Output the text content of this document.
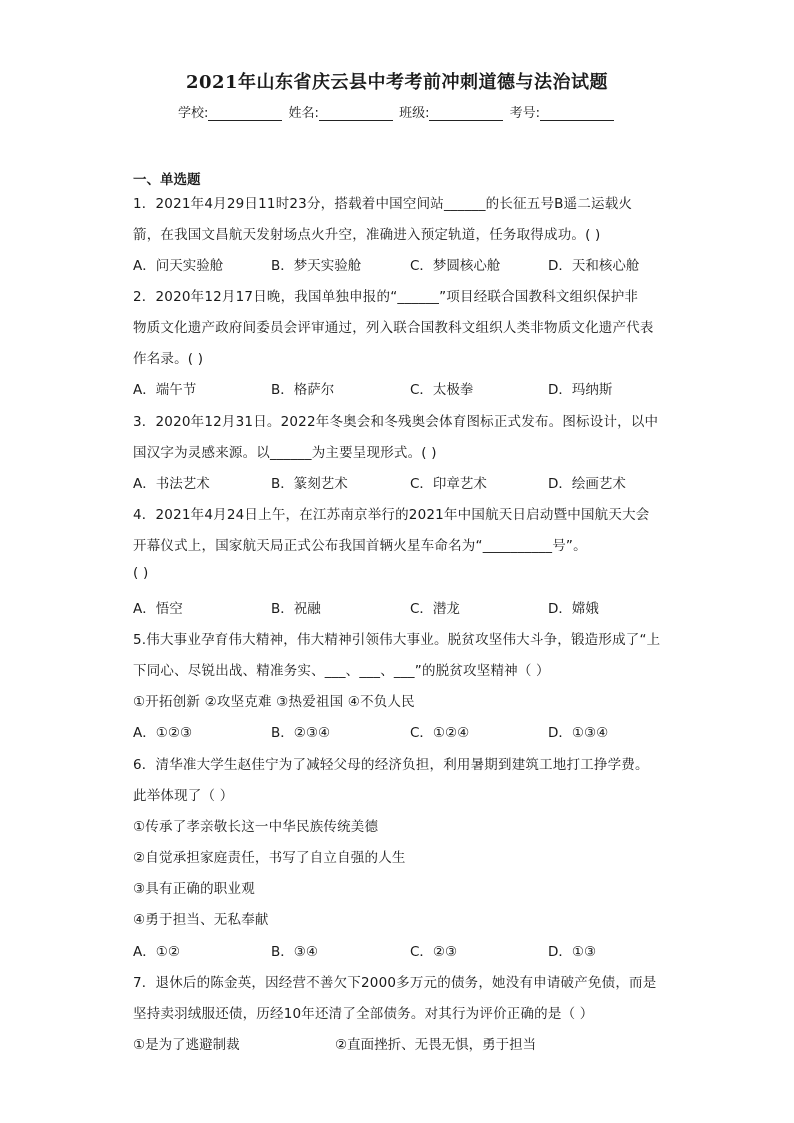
2021年山东省庆云县中考考前冲刺道德与法治试题
学校:	姓名:	班级:	考号:
一、单选题
1．2021年4月29日11时23分，搭载着中国空间站______的长征五号B遥二运载火
箭，在我国文昌航天发射场点火升空，准确进入预定轨道，任务取得成功。( )
A．问天实验舱	B．梦天实验舱	C．梦圆核心舱	D．天和核心舱
2．2020年12月17日晚，我国单独申报的“______”项目经联合国教科文组织保护非
物质文化遗产政府间委员会评审通过，列入联合国教科文组织人类非物质文化遗产代表
作名录。( )
A．端午节	B．格萨尔	C．太极拳	D．玛纳斯
3．2020年12月31日。2022年冬奥会和冬残奥会体育图标正式发布。图标设计，以中
国汉字为灵感来源。以______为主要呈现形式。( )
A．书法艺术	B．篆刻艺术	C．印章艺术	D．绘画艺术
4．2021年4月24日上午，在江苏南京举行的2021年中国航天日启动暨中国航天大会
开幕仪式上，国家航天局正式公布我国首辆火星车命名为“__________号”。
( )
A．悟空	B．祝融	C．潜龙	D．嫦娥
5.伟大事业孕育伟大精神，伟大精神引领伟大事业。脱贫攻坚伟大斗争，锻造形成了“上
下同心、尽锐出战、精准务实、___、___、___”的脱贫攻坚精神（ ）
①开拓创新 ②攻坚克难 ③热爱祖国 ④不负人民
A．①②③	B．②③④	C．①②④	D．①③④
6．清华准大学生赵佳宁为了减轻父母的经济负担，利用暑期到建筑工地打工挣学费。
此举体现了（ ）
①传承了孝亲敬长这一中华民族传统美德
②自觉承担家庭责任，书写了自立自强的人生
③具有正确的职业观
④勇于担当、无私奉献
A．①②	B．③④	C．②③	D．①③
7．退休后的陈金英，因经营不善欠下2000多万元的债务，她没有申请破产免债，而是
坚持卖羽绒服还债，历经10年还清了全部债务。对其行为评价正确的是（ ）
①是为了逃避制裁	②直面挫折、无畏无惧，勇于担当
